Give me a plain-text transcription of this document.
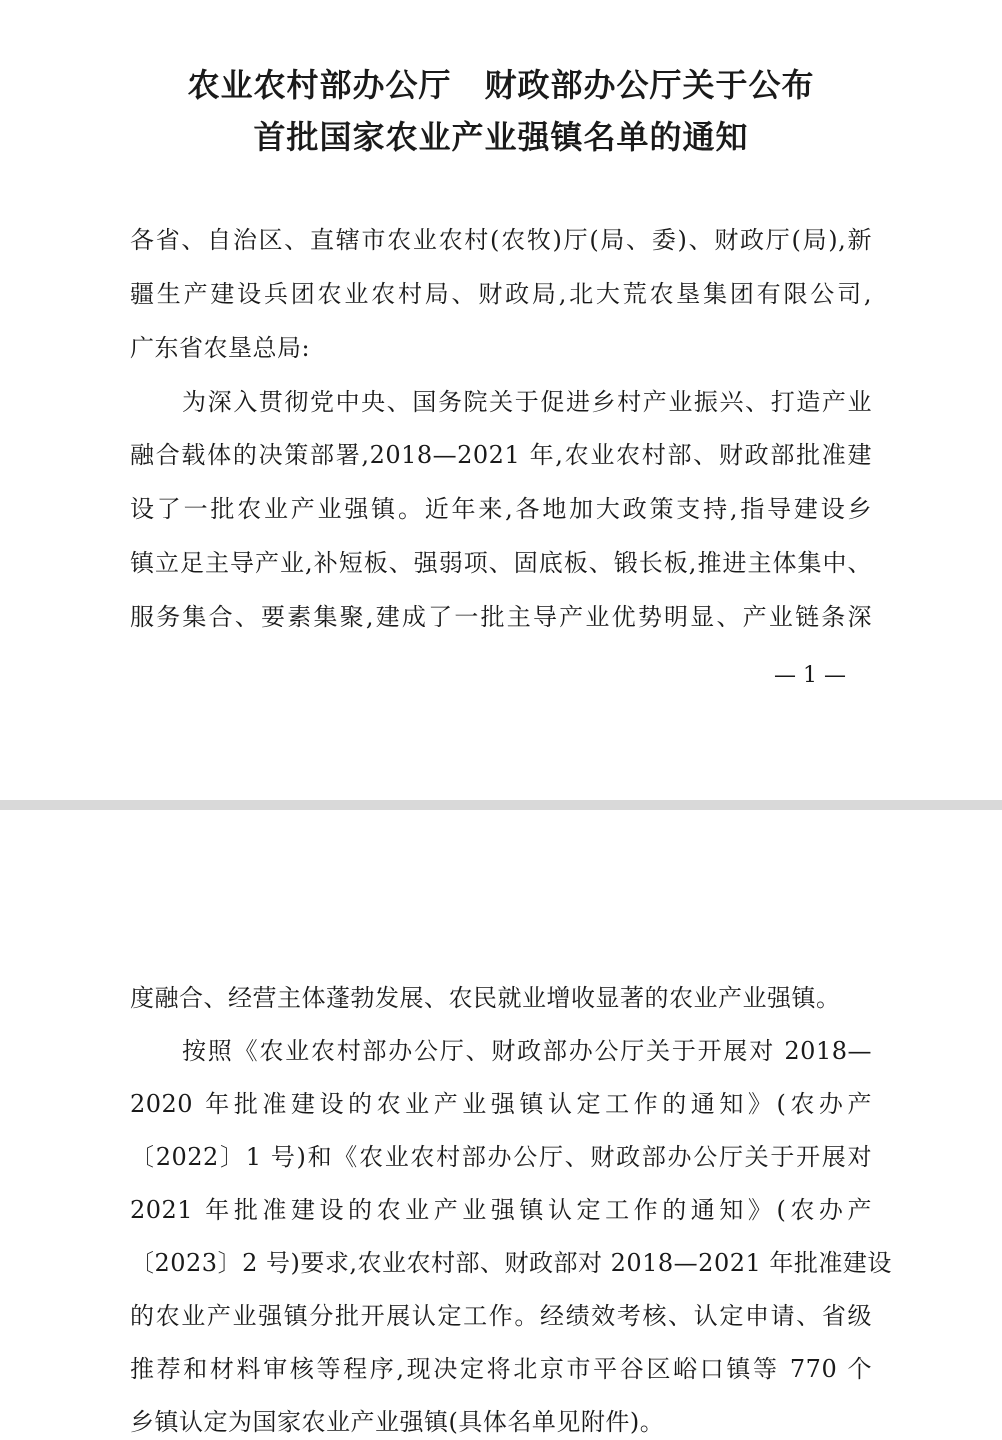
农业农村部办公厅　财政部办公厅关于公布
首批国家农业产业强镇名单的通知
各省、自治区、直辖市农业农村(农牧)厅(局、委)、财政厅(局),新
疆生产建设兵团农业农村局、财政局,北大荒农垦集团有限公司,
广东省农垦总局:
为深入贯彻党中央、国务院关于促进乡村产业振兴、打造产业
融合载体的决策部署,2018—2021 年,农业农村部、财政部批准建
设了一批农业产业强镇。近年来,各地加大政策支持,指导建设乡
镇立足主导产业,补短板、强弱项、固底板、锻长板,推进主体集中、
服务集合、要素集聚,建成了一批主导产业优势明显、产业链条深
— 1 —
度融合、经营主体蓬勃发展、农民就业增收显著的农业产业强镇。
按照《农业农村部办公厅、财政部办公厅关于开展对 2018—
2020 年批准建设的农业产业强镇认定工作的通知》(农办产
〔2022〕1 号)和《农业农村部办公厅、财政部办公厅关于开展对
2021 年批准建设的农业产业强镇认定工作的通知》(农办产
〔2023〕2 号)要求,农业农村部、财政部对 2018—2021 年批准建设
的农业产业强镇分批开展认定工作。经绩效考核、认定申请、省级
推荐和材料审核等程序,现决定将北京市平谷区峪口镇等 770 个
乡镇认定为国家农业产业强镇(具体名单见附件)。
